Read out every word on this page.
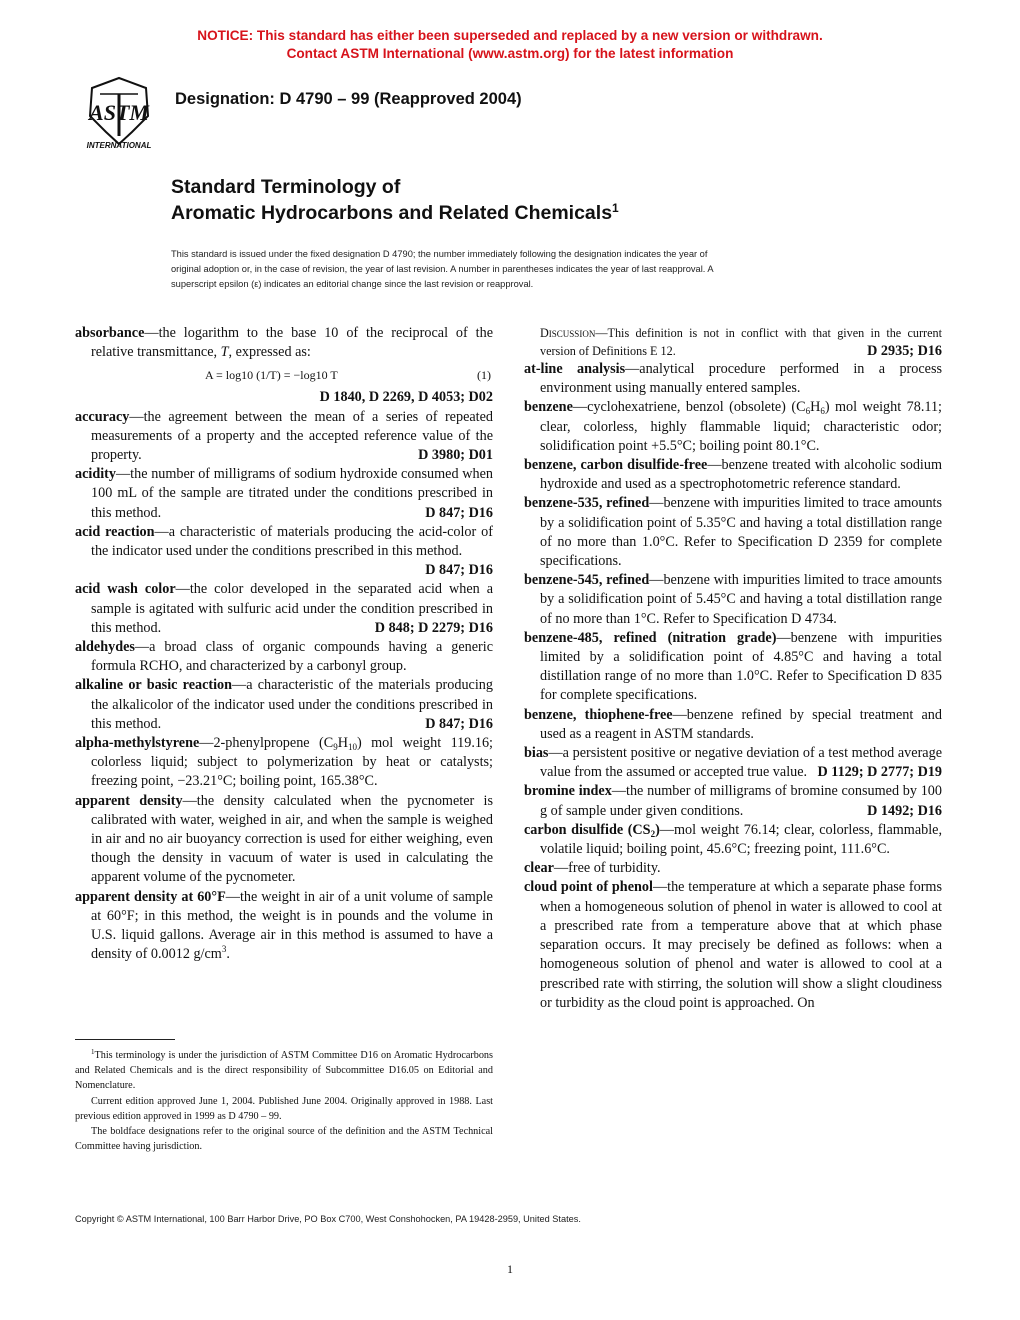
NOTICE: This standard has either been superseded and replaced by a new version or withdrawn.
Contact ASTM International (www.astm.org) for the latest information
ASTM
INTERNATIONAL
Designation: D 4790 – 99 (Reapproved 2004)
Standard Terminology of
Aromatic Hydrocarbons and Related Chemicals$^1$
This standard is issued under the fixed designation D 4790; the number immediately following the designation indicates the year of
original adoption or, in the case of revision, the year of last revision. A number in parentheses indicates the year of last reapproval. A
superscript epsilon (ε) indicates an editorial change since the last revision or reapproval.

absorbance—the logarithm to the base 10 of the reciprocal of the relative transmittance, T, expressed as:

A = log10 (1/T) = −log10 T	(1)

D 1840, D 2269, D 4053; D02

accuracy—the agreement between the mean of a series of repeated measurements of a property and the accepted reference value of the property.	D 3980; D01

acidity—the number of milligrams of sodium hydroxide consumed when 100 mL of the sample are titrated under the conditions prescribed in this method.	D 847; D16

acid reaction—a characteristic of materials producing the acid-color of the indicator used under the conditions prescribed in this method.
D 847; D16

acid wash color—the color developed in the separated acid when a sample is agitated with sulfuric acid under the condition prescribed in this method.	D 848; D 2279; D16

aldehydes—a broad class of organic compounds having a generic formula RCHO, and characterized by a carbonyl group.

alkaline or basic reaction—a characteristic of the materials producing the alkalicolor of the indicator used under the conditions prescribed in this method.	D 847; D16

alpha-methylstyrene—2-phenylpropene $(C_9H_{10})$ mol weight 119.16; colorless liquid; subject to polymerization by heat or catalysts; freezing point, −23.21°C; boiling point, 165.38°C.

apparent density—the density calculated when the pycnometer is calibrated with water, weighed in air, and when the sample is weighed in air and no air buoyancy correction is used for either weighing, even though the density in vacuum of water is used in calculating the apparent volume of the pycnometer.

apparent density at 60°F—the weight in air of a unit volume of sample at 60°F; in this method, the weight is in pounds and the volume in U.S. liquid gallons. Average air in this method is assumed to have a density of 0.0012 $g/cm^3$.

Discussion—This definition is not in conflict with that given in the current version of Definitions E 12.	D 2935; D16

at-line analysis—analytical procedure performed in a process environment using manually entered samples.

benzene—cyclohexatriene, benzol (obsolete) $(C_6H_6)$ mol weight 78.11; clear, colorless, highly flammable liquid; characteristic odor; solidification point +5.5°C; boiling point 80.1°C.

benzene, carbon disulfide-free—benzene treated with alcoholic sodium hydroxide and used as a spectrophotometric reference standard.

benzene-535, refined—benzene with impurities limited to trace amounts by a solidification point of 5.35°C and having a total distillation range of no more than 1.0°C. Refer to Specification D 2359 for complete specifications.

benzene-545, refined—benzene with impurities limited to trace amounts by a solidification point of 5.45°C and having a total distillation range of no more than 1°C. Refer to Specification D 4734.

benzene-485, refined (nitration grade)—benzene with impurities limited by a solidification point of 4.85°C and having a total distillation range of no more than 1.0°C. Refer to Specification D 835 for complete specifications.

benzene, thiophene-free—benzene refined by special treatment and used as a reagent in ASTM standards.

bias—a persistent positive or negative deviation of a test method average value from the assumed or accepted true value. D 1129; D 2777; D19

bromine index—the number of milligrams of bromine consumed by 100 g of sample under given conditions.	D 1492; D16

carbon disulfide $(CS_2)—mol$ weight 76.14; clear, colorless, flammable, volatile liquid; boiling point, 45.6°C; freezing point, 111.6°C.

clear—free of turbidity.

cloud point of phenol—the temperature at which a separate phase forms when a homogeneous solution of phenol in water is allowed to cool at a prescribed rate from a temperature above that at which phase separation occurs. It may precisely be defined as follows: when a homogeneous solution of phenol and water is allowed to cool at a prescribed rate with stirring, the solution will show a slight cloudiness or turbidity as the cloud point is approached. On

$^1$This terminology is under the jurisdiction of ASTM Committee D16 on Aromatic Hydrocarbons and Related Chemicals and is the direct responsibility of Subcommittee D16.05 on Editorial and Nomenclature.

Current edition approved June 1, 2004. Published June 2004. Originally approved in 1988. Last previous edition approved in 1999 as D 4790 – 99.

The boldface designations refer to the original source of the definition and the ASTM Technical Committee having jurisdiction.

Copyright © ASTM International, 100 Barr Harbor Drive, PO Box C700, West Conshohocken, PA 19428-2959, United States.
1
